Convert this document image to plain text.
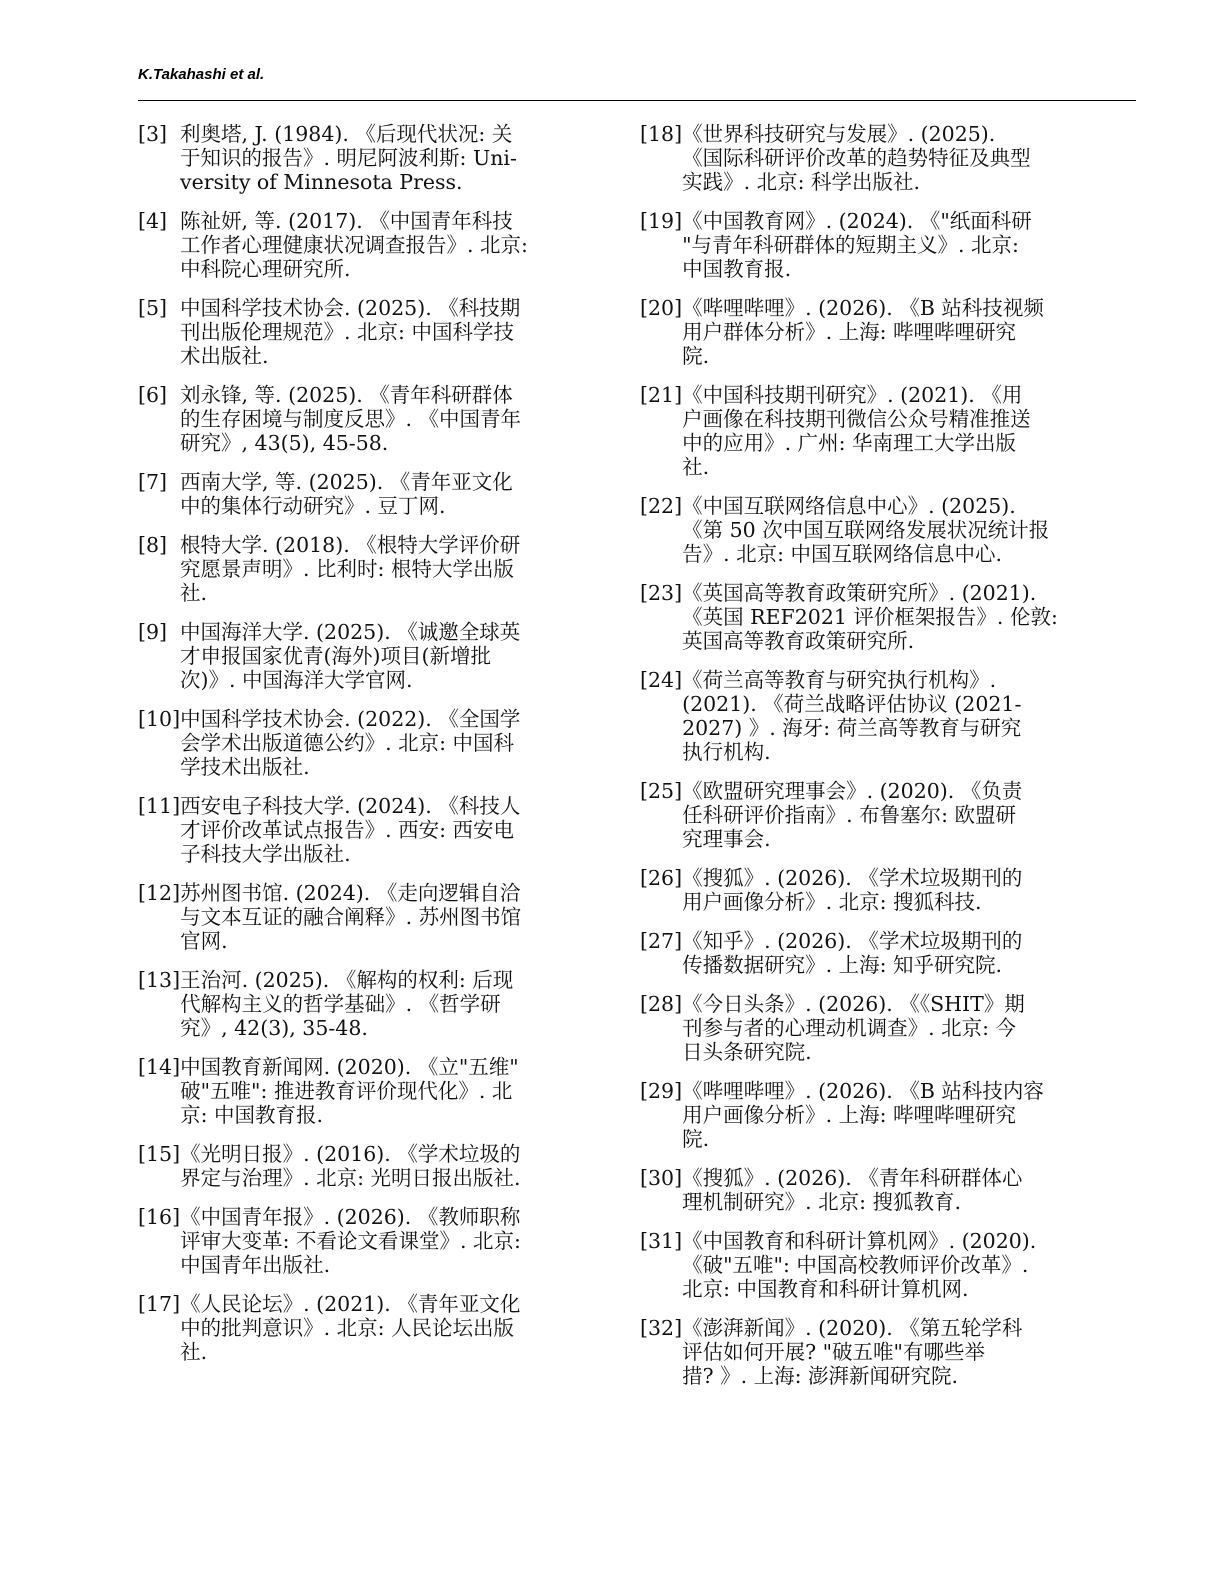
K.Takahashi et al.
[3] 利奥塔, J. (1984). 《后现代状况: 关
于知识的报告》. 明尼阿波利斯: Uni-
versity of Minnesota Press.
[4] 陈祉妍, 等. (2017). 《中国青年科技
工作者心理健康状况调查报告》. 北京:
中科院心理研究所.
[5] 中国科学技术协会. (2025). 《科技期
刊出版伦理规范》. 北京: 中国科学技
术出版社.
[6] 刘永锋, 等. (2025). 《青年科研群体
的生存困境与制度反思》. 《中国青年
研究》, 43(5), 45-58.
[7] 西南大学, 等. (2025). 《青年亚文化
中的集体行动研究》. 豆丁网.
[8] 根特大学. (2018). 《根特大学评价研
究愿景声明》. 比利时: 根特大学出版
社.
[9] 中国海洋大学. (2025). 《诚邀全球英
才申报国家优青(海外)项目(新增批
次)》. 中国海洋大学官网.
[10] 中国科学技术协会. (2022). 《全国学
会学术出版道德公约》. 北京: 中国科
学技术出版社.
[11] 西安电子科技大学. (2024). 《科技人
才评价改革试点报告》. 西安: 西安电
子科技大学出版社.
[12] 苏州图书馆. (2024). 《走向逻辑自洽
与文本互证的融合阐释》. 苏州图书馆
官网.
[13] 王治河. (2025). 《解构的权利: 后现
代解构主义的哲学基础》. 《哲学研
究》, 42(3), 35-48.
[14] 中国教育新闻网. (2020). 《立"五维"
破"五唯": 推进教育评价现代化》. 北
京: 中国教育报.
[15] 《光明日报》. (2016). 《学术垃圾的
界定与治理》. 北京: 光明日报出版社.
[16] 《中国青年报》. (2026). 《教师职称
评审大变革: 不看论文看课堂》. 北京:
中国青年出版社.
[17] 《人民论坛》. (2021). 《青年亚文化
中的批判意识》. 北京: 人民论坛出版
社.
[18] 《世界科技研究与发展》. (2025).
《国际科研评价改革的趋势特征及典型
实践》. 北京: 科学出版社.
[19] 《中国教育网》. (2024). 《"纸面科研
"与青年科研群体的短期主义》. 北京:
中国教育报.
[20] 《哔哩哔哩》. (2026). 《B 站科技视频
用户群体分析》. 上海: 哔哩哔哩研究
院.
[21] 《中国科技期刊研究》. (2021). 《用
户画像在科技期刊微信公众号精准推送
中的应用》. 广州: 华南理工大学出版
社.
[22] 《中国互联网络信息中心》. (2025).
《第 50 次中国互联网络发展状况统计报
告》. 北京: 中国互联网络信息中心.
[23] 《英国高等教育政策研究所》. (2021).
《英国 REF2021 评价框架报告》. 伦敦:
英国高等教育政策研究所.
[24] 《荷兰高等教育与研究执行机构》.
(2021). 《荷兰战略评估协议 (2021-
2027) 》. 海牙: 荷兰高等教育与研究
执行机构.
[25] 《欧盟研究理事会》. (2020). 《负责
任科研评价指南》. 布鲁塞尔: 欧盟研
究理事会.
[26] 《搜狐》. (2026). 《学术垃圾期刊的
用户画像分析》. 北京: 搜狐科技.
[27] 《知乎》. (2026). 《学术垃圾期刊的
传播数据研究》. 上海: 知乎研究院.
[28] 《今日头条》. (2026). 《《SHIT》期
刊参与者的心理动机调查》. 北京: 今
日头条研究院.
[29] 《哔哩哔哩》. (2026). 《B 站科技内容
用户画像分析》. 上海: 哔哩哔哩研究
院.
[30] 《搜狐》. (2026). 《青年科研群体心
理机制研究》. 北京: 搜狐教育.
[31] 《中国教育和科研计算机网》. (2020).
《破"五唯": 中国高校教师评价改革》.
北京: 中国教育和科研计算机网.
[32] 《澎湃新闻》. (2020). 《第五轮学科
评估如何开展? "破五唯"有哪些举
措? 》. 上海: 澎湃新闻研究院.
